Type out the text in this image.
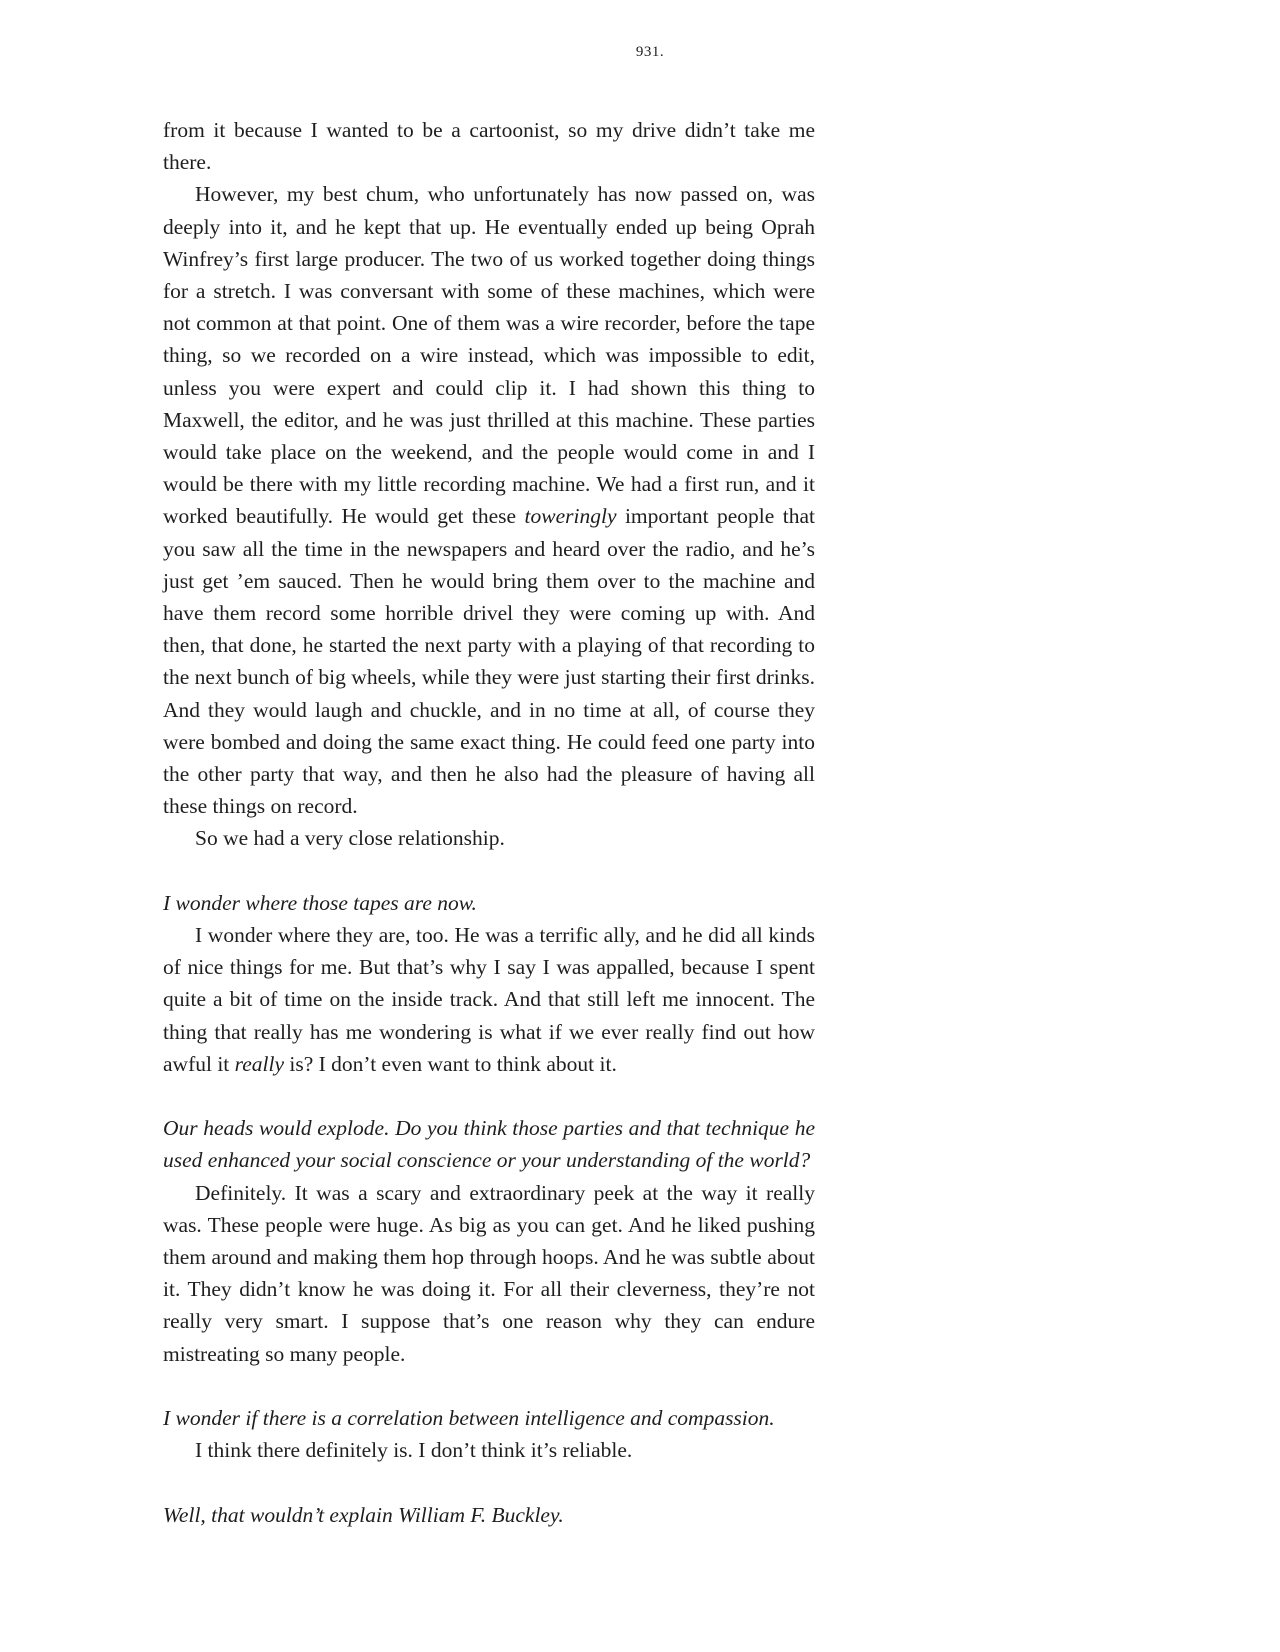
931.

from it because I wanted to be a cartoonist, so my drive didn’t take me there.

However, my best chum, who unfortunately has now passed on, was deeply into it, and he kept that up. He eventually ended up being Oprah Winfrey’s first large producer. The two of us worked together doing things for a stretch. I was conversant with some of these machines, which were not common at that point. One of them was a wire recorder, before the tape thing, so we recorded on a wire instead, which was impossible to edit, unless you were expert and could clip it. I had shown this thing to Maxwell, the editor, and he was just thrilled at this machine. These parties would take place on the weekend, and the people would come in and I would be there with my little recording machine. We had a first run, and it worked beautifully. He would get these toweringly important people that you saw all the time in the newspapers and heard over the radio, and he’s just get ’em sauced. Then he would bring them over to the machine and have them record some horrible drivel they were coming up with. And then, that done, he started the next party with a playing of that recording to the next bunch of big wheels, while they were just starting their first drinks. And they would laugh and chuckle, and in no time at all, of course they were bombed and doing the same exact thing. He could feed one party into the other party that way, and then he also had the pleasure of having all these things on record.

So we had a very close relationship.

I wonder where those tapes are now.

I wonder where they are, too. He was a terrific ally, and he did all kinds of nice things for me. But that’s why I say I was appalled, because I spent quite a bit of time on the inside track. And that still left me innocent. The thing that really has me wondering is what if we ever really find out how awful it really is? I don’t even want to think about it.

Our heads would explode. Do you think those parties and that technique he used enhanced your social conscience or your understanding of the world?

Definitely. It was a scary and extraordinary peek at the way it really was. These people were huge. As big as you can get. And he liked pushing them around and making them hop through hoops. And he was subtle about it. They didn’t know he was doing it. For all their cleverness, they’re not really very smart. I suppose that’s one reason why they can endure mistreating so many people.

I wonder if there is a correlation between intelligence and compassion.

I think there definitely is. I don’t think it’s reliable.

Well, that wouldn’t explain William F. Buckley.
